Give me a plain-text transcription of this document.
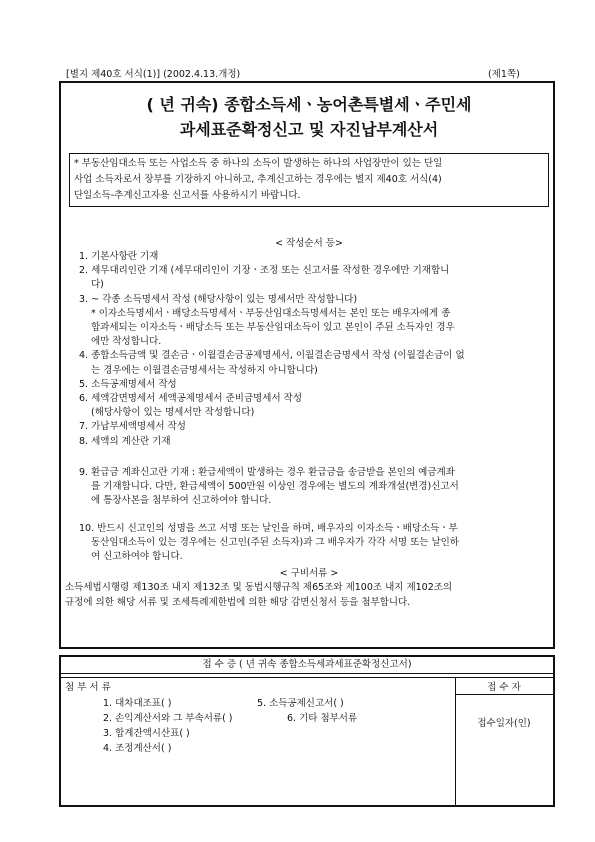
[별지 제40호 서식(1)] (2002.4.13.개정)	(제1쪽)
( 년 귀속) 종합소득세ㆍ농어촌특별세ㆍ주민세
과세표준확정신고 및 자진납부계산서
* 부동산임대소득 또는 사업소득 중 하나의 소득이 발생하는 하나의 사업장만이 있는 단일
사업 소득자로서 장부를 기장하지 아니하고, 추계신고하는 경우에는 별지 제40호 서식(4)
단일소득-추계신고자용 신고서를 사용하시기 바랍니다.
< 작성순서 등>
1. 기본사항란 기재
2. 세무대리인란 기재 (세무대리인이 기장ㆍ조정 또는 신고서를 작성한 경우에만 기재합니
다)
3. ~ 각종 소득명세서 작성 (해당사항이 있는 명세서만 작성합니다)
* 이자소득명세서ㆍ배당소득명세서ㆍ부동산임대소득명세서는 본인 또는 배우자에게 종
합과세되는 이자소득ㆍ배당소득 또는 부동산임대소득이 있고 본인이 주된 소득자인 경우
에만 작성합니다.
4. 종합소득금액 및 결손금ㆍ이월결손금공제명세서, 이월결손금명세서 작성 (이월결손금이 없
는 경우에는 이월결손금명세서는 작성하지 아니합니다)
5. 소득공제명세서 작성
6. 세액감면명세서 세액공제명세서 준비금명세서 작성
(해당사항이 있는 명세서만 작성합니다)
7. 가납부세액명세서 작성
8. 세액의 계산란 기재
9. 환급금 계좌신고란 기재 : 환급세액이 발생하는 경우 환급금을 송금받을 본인의 예금계좌
를 기재합니다. 다만, 환급세액이 500만원 이상인 경우에는 별도의 계좌개설(변경)신고서
에 통장사본을 첨부하여 신고하여야 합니다.
10. 반드시 신고인의 성명을 쓰고 서명 또는 날인을 하며, 배우자의 이자소득ㆍ배당소득ㆍ부
동산임대소득이 있는 경우에는 신고인(주된 소득자)과 그 배우자가 각각 서명 또는 날인하
여 신고하여야 합니다.
< 구비서류 >
소득세법시행령 제130조 내지 제132조 및 동법시행규칙 제65조와 제100조 내지 제102조의
규정에 의한 해당 서류 및 조세특례제한법에 의한 해당 감면신청서 등을 첨부합니다.
접 수 증 ( 년 귀속 종합소득세과세표준확정신고서)
첨 부 서 류	접 수 자
접수일자(인)
1. 대차대조표( )
2. 손익계산서와 그 부속서류( )
3. 합계잔액시산표( )
4. 조정계산서( )
5. 소득공제신고서( )
6. 기타 첨부서류
